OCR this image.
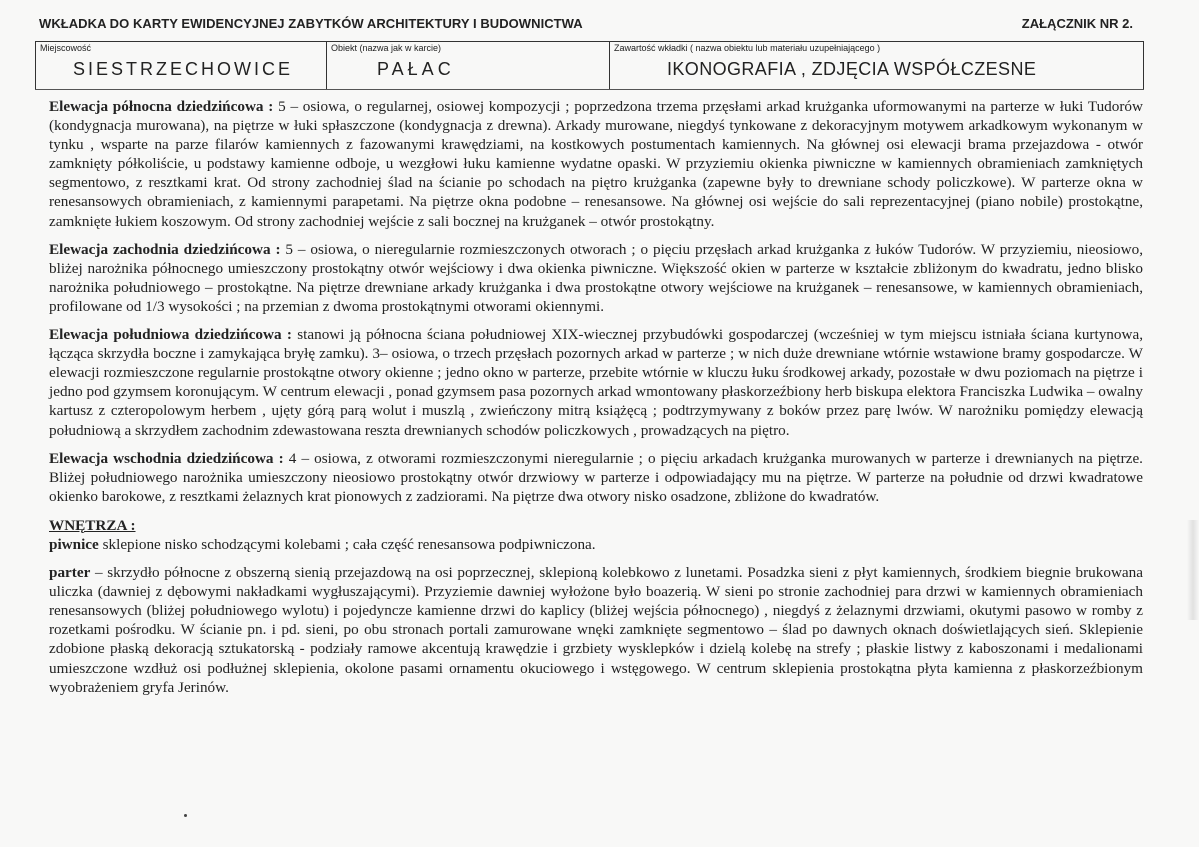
WKŁADKA DO KARTY EWIDENCYJNEJ ZABYTKÓW ARCHITEKTURY I BUDOWNICTWA	ZAŁĄCZNIK NR 2.
Miejscowość
SIESTRZECHOWICE
Obiekt (nazwa jak w karcie)
PAŁAC
Zawartość wkładki ( nazwa obiektu lub materiału uzupełniającego )
IKONOGRAFIA , ZDJĘCIA WSPÓŁCZESNE

Elewacja północna dziedzińcowa : 5 – osiowa, o regularnej, osiowej kompozycji ; poprzedzona trzema przęsłami arkad krużganka uformowanymi na parterze w łuki Tudorów (kondygnacja murowana), na piętrze w łuki spłaszczone (kondygnacja z drewna). Arkady murowane, niegdyś tynkowane z dekoracyjnym motywem arkadkowym wykonanym w tynku , wsparte na parze filarów kamiennych z fazowanymi krawędziami, na kostkowych postumentach kamiennych. Na głównej osi elewacji brama przejazdowa - otwór zamknięty półkoliście, u podstawy kamienne odboje, u wezgłowi łuku kamienne wydatne opaski. W przyziemiu okienka piwniczne w kamiennych obramieniach zamkniętych segmentowo, z resztkami krat. Od strony zachodniej ślad na ścianie po schodach na piętro krużganka (zapewne były to drewniane schody policzkowe). W parterze okna w renesansowych obramieniach, z kamiennymi parapetami. Na piętrze okna podobne – renesansowe. Na głównej osi wejście do sali reprezentacyjnej (piano nobile) prostokątne, zamknięte łukiem koszowym. Od strony zachodniej wejście z sali bocznej na krużganek – otwór prostokątny.

Elewacja zachodnia dziedzińcowa : 5 – osiowa, o nieregularnie rozmieszczonych otworach ; o pięciu przęsłach arkad krużganka z łuków Tudorów. W przyziemiu, nieosiowo, bliżej narożnika północnego umieszczony prostokątny otwór wejściowy i dwa okienka piwniczne. Większość okien w parterze w kształcie zbliżonym do kwadratu, jedno blisko narożnika południowego – prostokątne. Na piętrze drewniane arkady krużganka i dwa prostokątne otwory wejściowe na krużganek – renesansowe, w kamiennych obramieniach, profilowane od 1/3 wysokości ; na przemian z dwoma prostokątnymi otworami okiennymi.

Elewacja południowa dziedzińcowa : stanowi ją północna ściana południowej XIX-wiecznej przybudówki gospodarczej (wcześniej w tym miejscu istniała ściana kurtynowa, łącząca skrzydła boczne i zamykająca bryłę zamku). 3– osiowa, o trzech przęsłach pozornych arkad w parterze ; w nich duże drewniane wtórnie wstawione bramy gospodarcze. W elewacji rozmieszczone regularnie prostokątne otwory okienne ; jedno okno w parterze, przebite wtórnie w kluczu łuku środkowej arkady, pozostałe w dwu poziomach na piętrze i jedno pod gzymsem koronującym. W centrum elewacji , ponad gzymsem pasa pozornych arkad wmontowany płaskorzeźbiony herb biskupa elektora Franciszka Ludwika – owalny kartusz z czteropolowym herbem , ujęty górą parą wolut i muszlą , zwieńczony mitrą książęcą ; podtrzymywany z boków przez parę lwów. W narożniku pomiędzy elewacją południową a skrzydłem zachodnim zdewastowana reszta drewnianych schodów policzkowych , prowadzących na piętro.

Elewacja wschodnia dziedzińcowa : 4 – osiowa, z otworami rozmieszczonymi nieregularnie ; o pięciu arkadach krużganka murowanych w parterze i drewnianych na piętrze. Bliżej południowego narożnika umieszczony nieosiowo prostokątny otwór drzwiowy w parterze i odpowiadający mu na piętrze. W parterze na południe od drzwi kwadratowe okienko barokowe, z resztkami żelaznych krat pionowych z zadziorami. Na piętrze dwa otwory nisko osadzone, zbliżone do kwadratów.

WNĘTRZA :

piwnice sklepione nisko schodzącymi kolebami ; cała część renesansowa podpiwniczona.

parter – skrzydło północne z obszerną sienią przejazdową na osi poprzecznej, sklepioną kolebkowo z lunetami. Posadzka sieni z płyt kamiennych, środkiem biegnie brukowana uliczka (dawniej z dębowymi nakładkami wygłuszającymi). Przyziemie dawniej wyłożone było boazerią. W sieni po stronie zachodniej para drzwi w kamiennych obramieniach renesansowych (bliżej południowego wylotu) i pojedyncze kamienne drzwi do kaplicy (bliżej wejścia północnego) , niegdyś z żelaznymi drzwiami, okutymi pasowo w romby z rozetkami pośrodku. W ścianie pn. i pd. sieni, po obu stronach portali zamurowane wnęki zamknięte segmentowo – ślad po dawnych oknach doświetlających sień. Sklepienie zdobione płaską dekoracją sztukatorską - podziały ramowe akcentują krawędzie i grzbiety wysklepków i dzielą kolebę na strefy ; płaskie listwy z kaboszonami i medalionami umieszczone wzdłuż osi podłużnej sklepienia, okolone pasami ornamentu okuciowego i wstęgowego. W centrum sklepienia prostokątna płyta kamienna z płaskorzeźbionym wyobrażeniem gryfa Jerinów.
